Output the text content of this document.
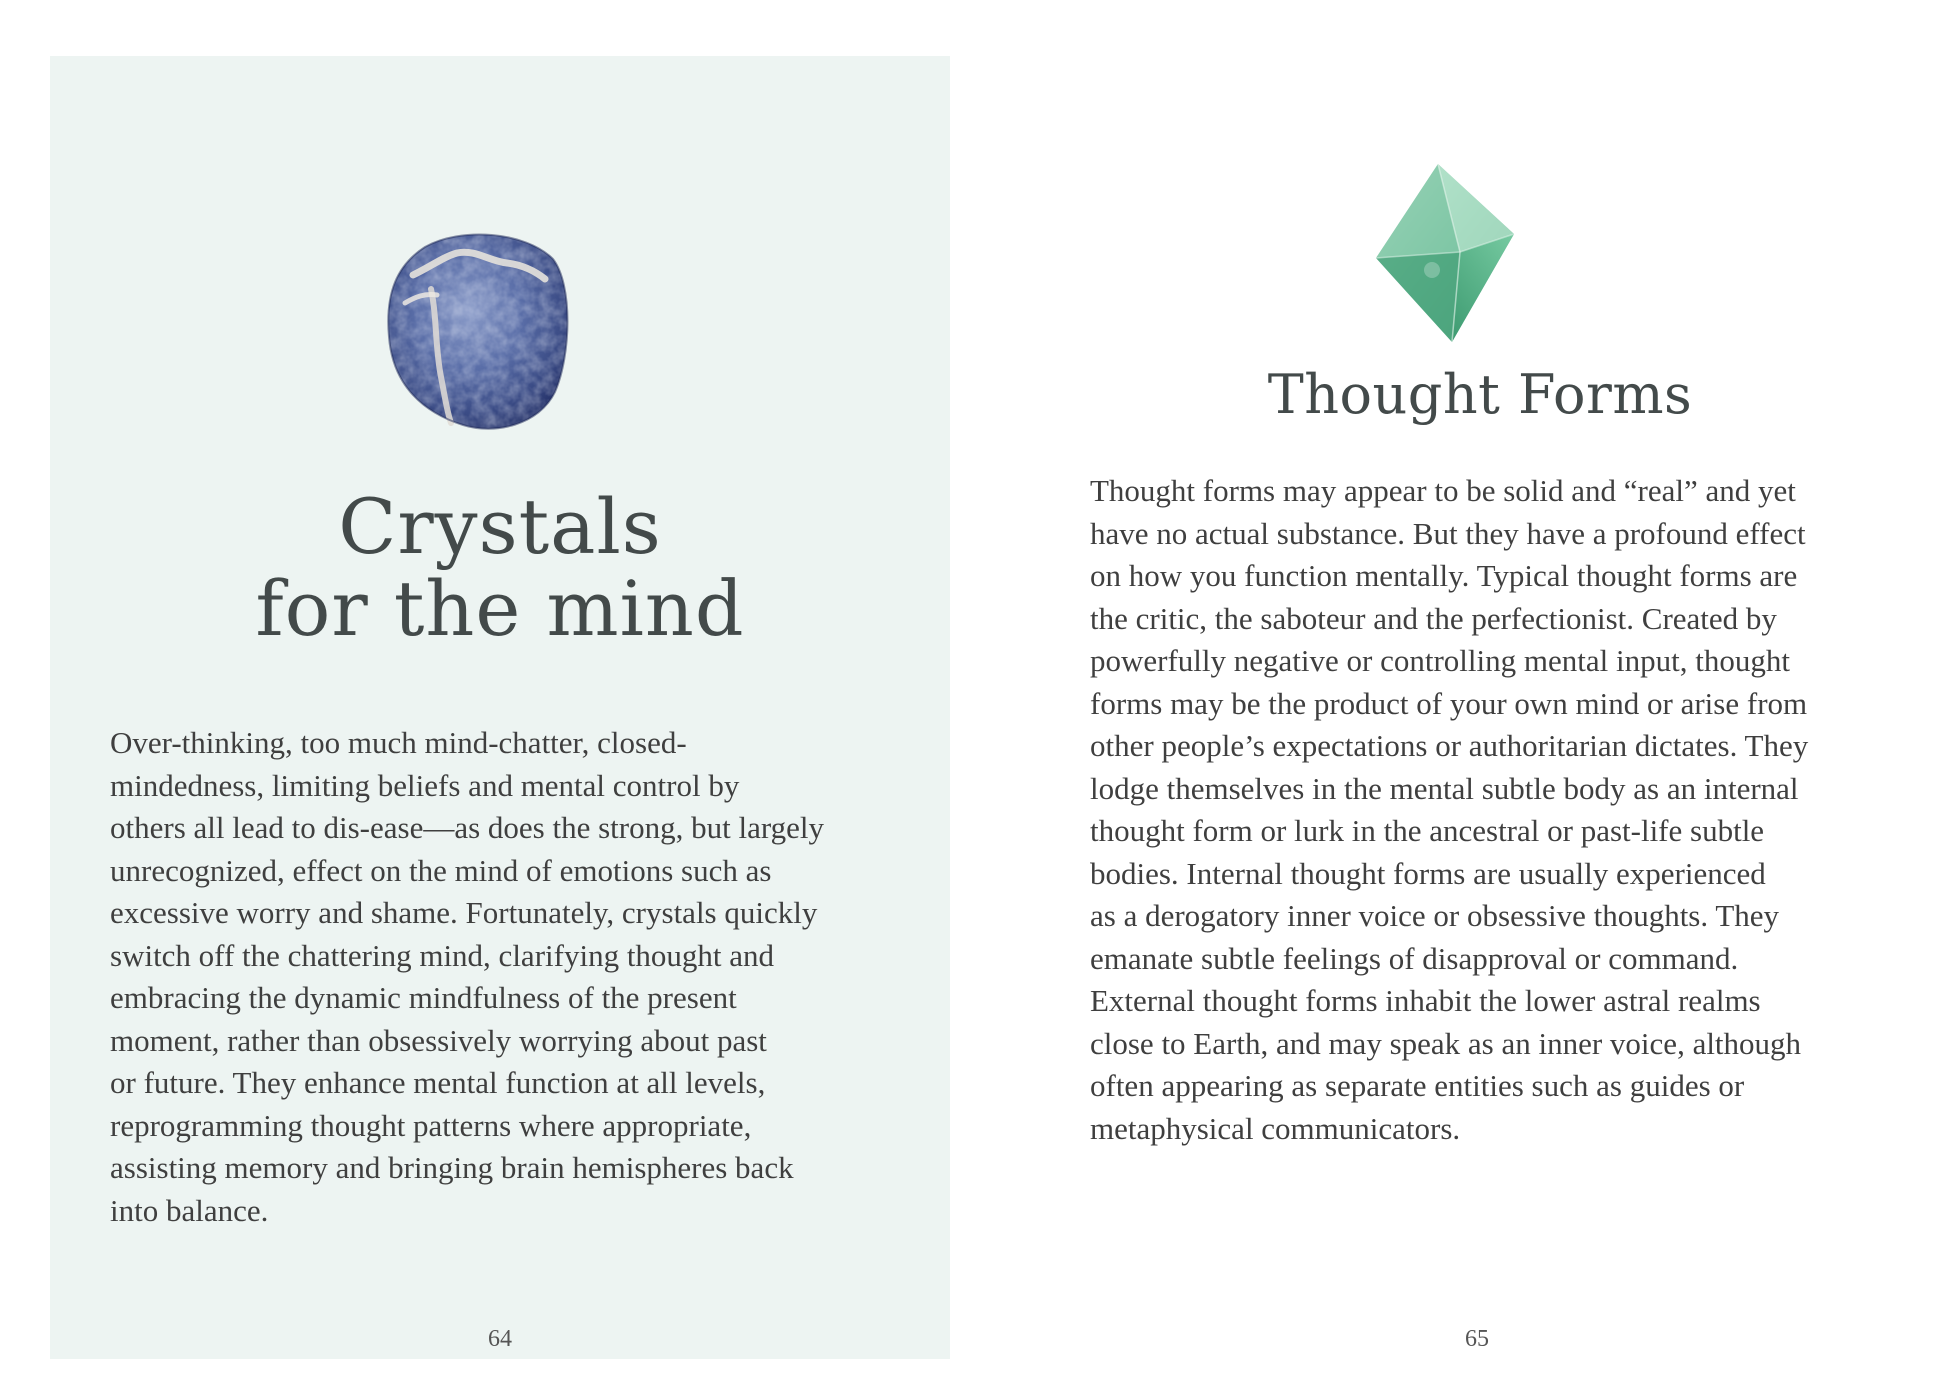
Crystals
for the mind

Over-thinking, too much mind-chatter, closed-
mindedness, limiting beliefs and mental control by
others all lead to dis-ease—as does the strong, but largely
unrecognized, effect on the mind of emotions such as
excessive worry and shame. Fortunately, crystals quickly
switch off the chattering mind, clarifying thought and
embracing the dynamic mindfulness of the present
moment, rather than obsessively worrying about past
or future. They enhance mental function at all levels,
reprogramming thought patterns where appropriate,
assisting memory and bringing brain hemispheres back
into balance.

64
Thought Forms

Thought forms may appear to be solid and “real” and yet
have no actual substance. But they have a profound effect
on how you function mentally. Typical thought forms are
the critic, the saboteur and the perfectionist. Created by
powerfully negative or controlling mental input, thought
forms may be the product of your own mind or arise from
other people’s expectations or authoritarian dictates. They
lodge themselves in the mental subtle body as an internal
thought form or lurk in the ancestral or past-life subtle
bodies. Internal thought forms are usually experienced
as a derogatory inner voice or obsessive thoughts. They
emanate subtle feelings of disapproval or command.
External thought forms inhabit the lower astral realms
close to Earth, and may speak as an inner voice, although
often appearing as separate entities such as guides or
metaphysical communicators.

65
